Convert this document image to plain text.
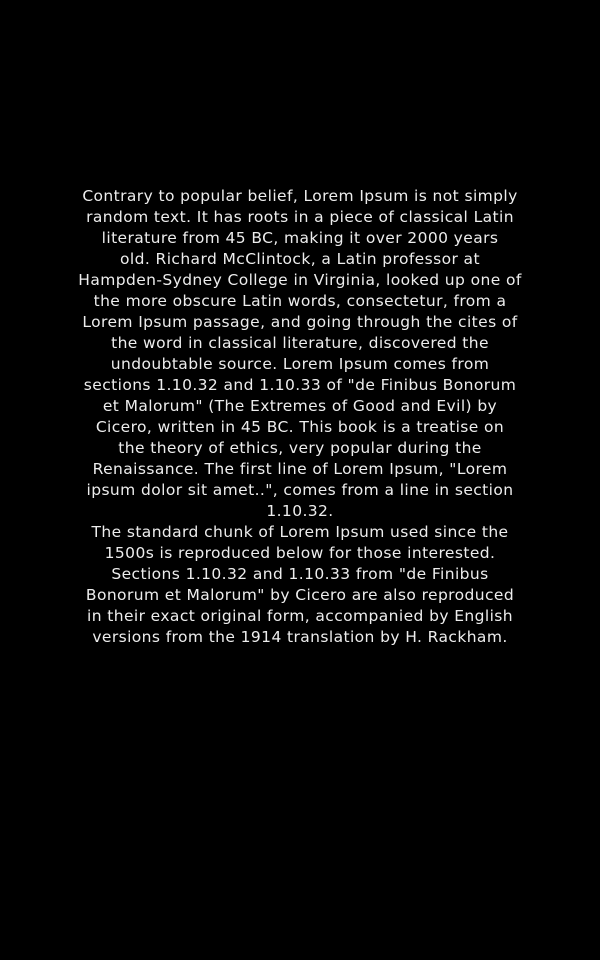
Contrary to popular belief, Lorem Ipsum is not simply
random text. It has roots in a piece of classical Latin
literature from 45 BC, making it over 2000 years
old. Richard McClintock, a Latin professor at
Hampden-Sydney College in Virginia, looked up one of
the more obscure Latin words, consectetur, from a
Lorem Ipsum passage, and going through the cites of
the word in classical literature, discovered the
undoubtable source. Lorem Ipsum comes from
sections 1.10.32 and 1.10.33 of "de Finibus Bonorum
et Malorum" (The Extremes of Good and Evil) by
Cicero, written in 45 BC. This book is a treatise on
the theory of ethics, very popular during the
Renaissance. The first line of Lorem Ipsum, "Lorem
ipsum dolor sit amet..", comes from a line in section
1.10.32.

The standard chunk of Lorem Ipsum used since the
1500s is reproduced below for those interested.
Sections 1.10.32 and 1.10.33 from "de Finibus
Bonorum et Malorum" by Cicero are also reproduced
in their exact original form, accompanied by English
versions from the 1914 translation by H. Rackham.
